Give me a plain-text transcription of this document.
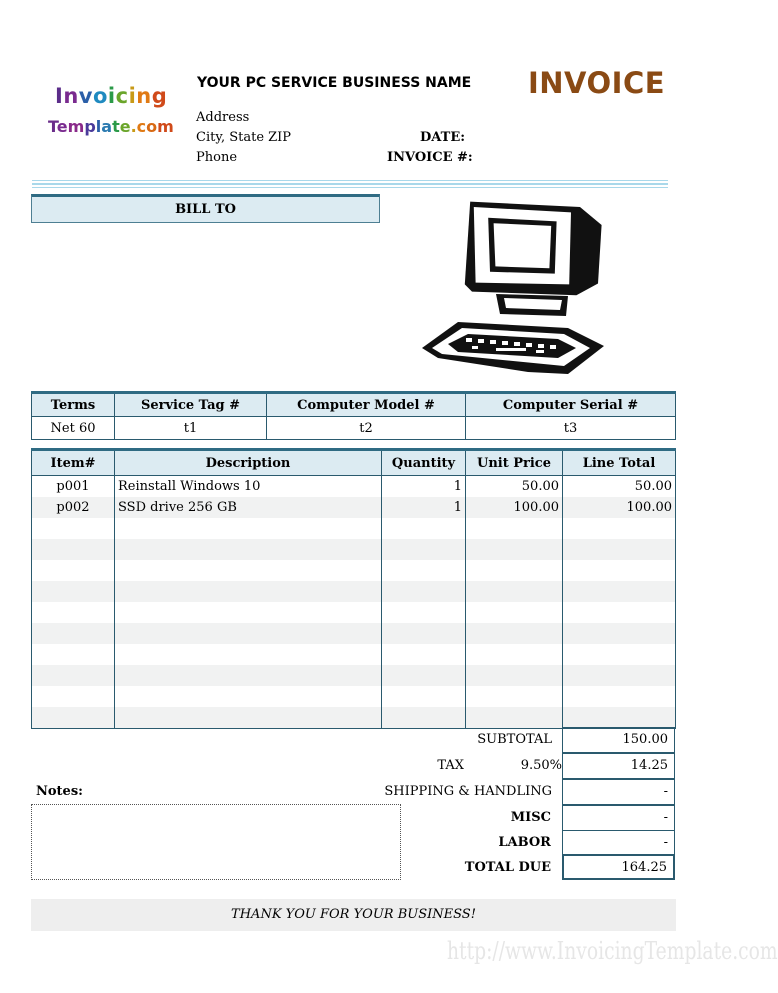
Invoicing
Template.com
YOUR PC SERVICE BUSINESS NAME INVOICE
Address
City, State ZIP
Phone
DATE:
INVOICE #:
BILL TO
Terms	Service Tag #	Computer Model #	Computer Serial #
Net 60	t1	t2	t3
Item#	Description	Quantity	Unit Price	Line Total
p001	Reinstall Windows 10	1	50.00	50.00
p002	SSD drive 256 GB	1	100.00	100.00

SUBTOTAL	150.00
TAX	9.50%	14.25
Notes:	SHIPPING & HANDLING	-
MISC	-
LABOR	-
TOTAL DUE	164.25
THANK YOU FOR YOUR BUSINESS!
http://www.InvoicingTemplate.com
